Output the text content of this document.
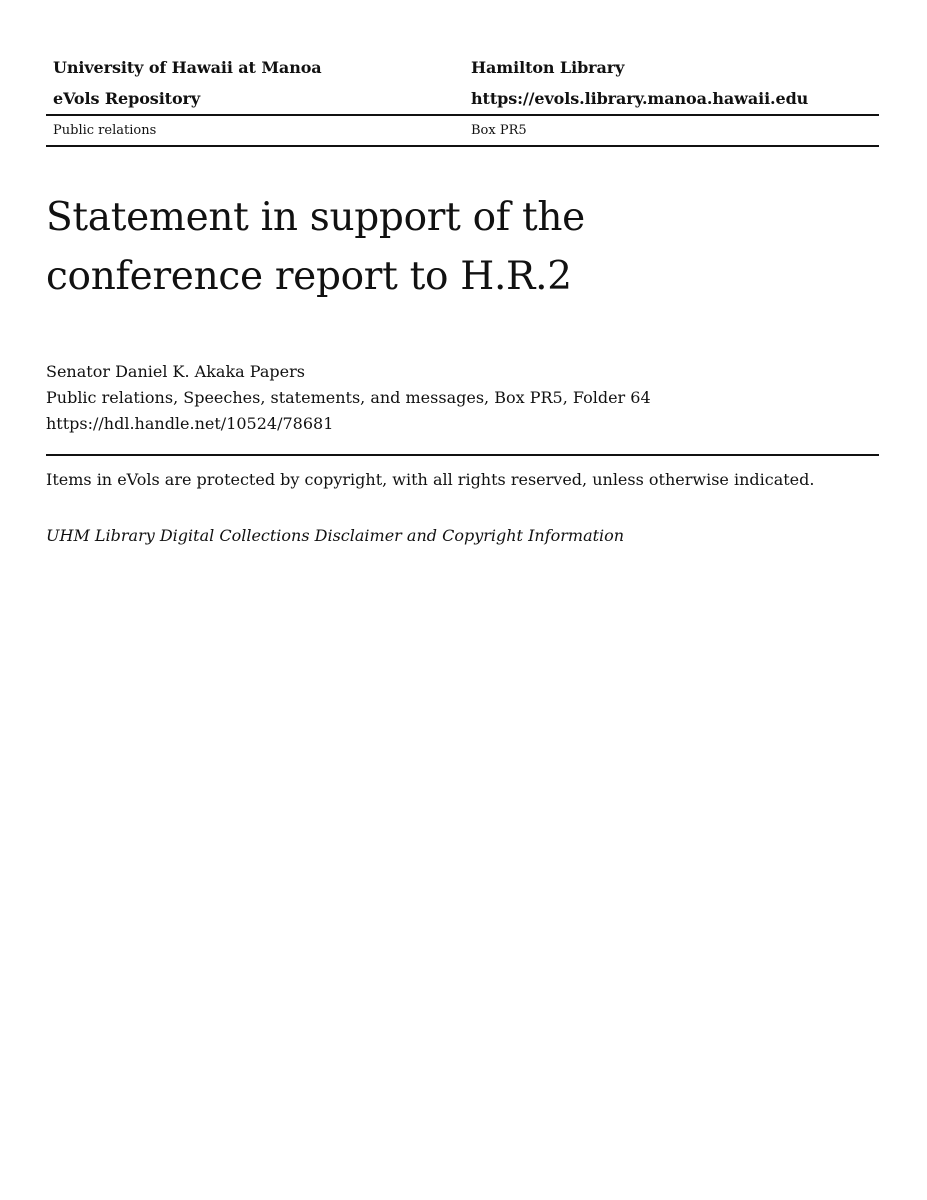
University of Hawaii at Manoa	Hamilton Library
eVols Repository	https://evols.library.manoa.hawaii.edu
Public relations	Box PR5
Statement in support of the
conference report to H.R.2
Senator Daniel K. Akaka Papers
Public relations, Speeches, statements, and messages, Box PR5, Folder 64
https://hdl.handle.net/10524/78681
Items in eVols are protected by copyright, with all rights reserved, unless otherwise indicated.
UHM Library Digital Collections Disclaimer and Copyright Information
